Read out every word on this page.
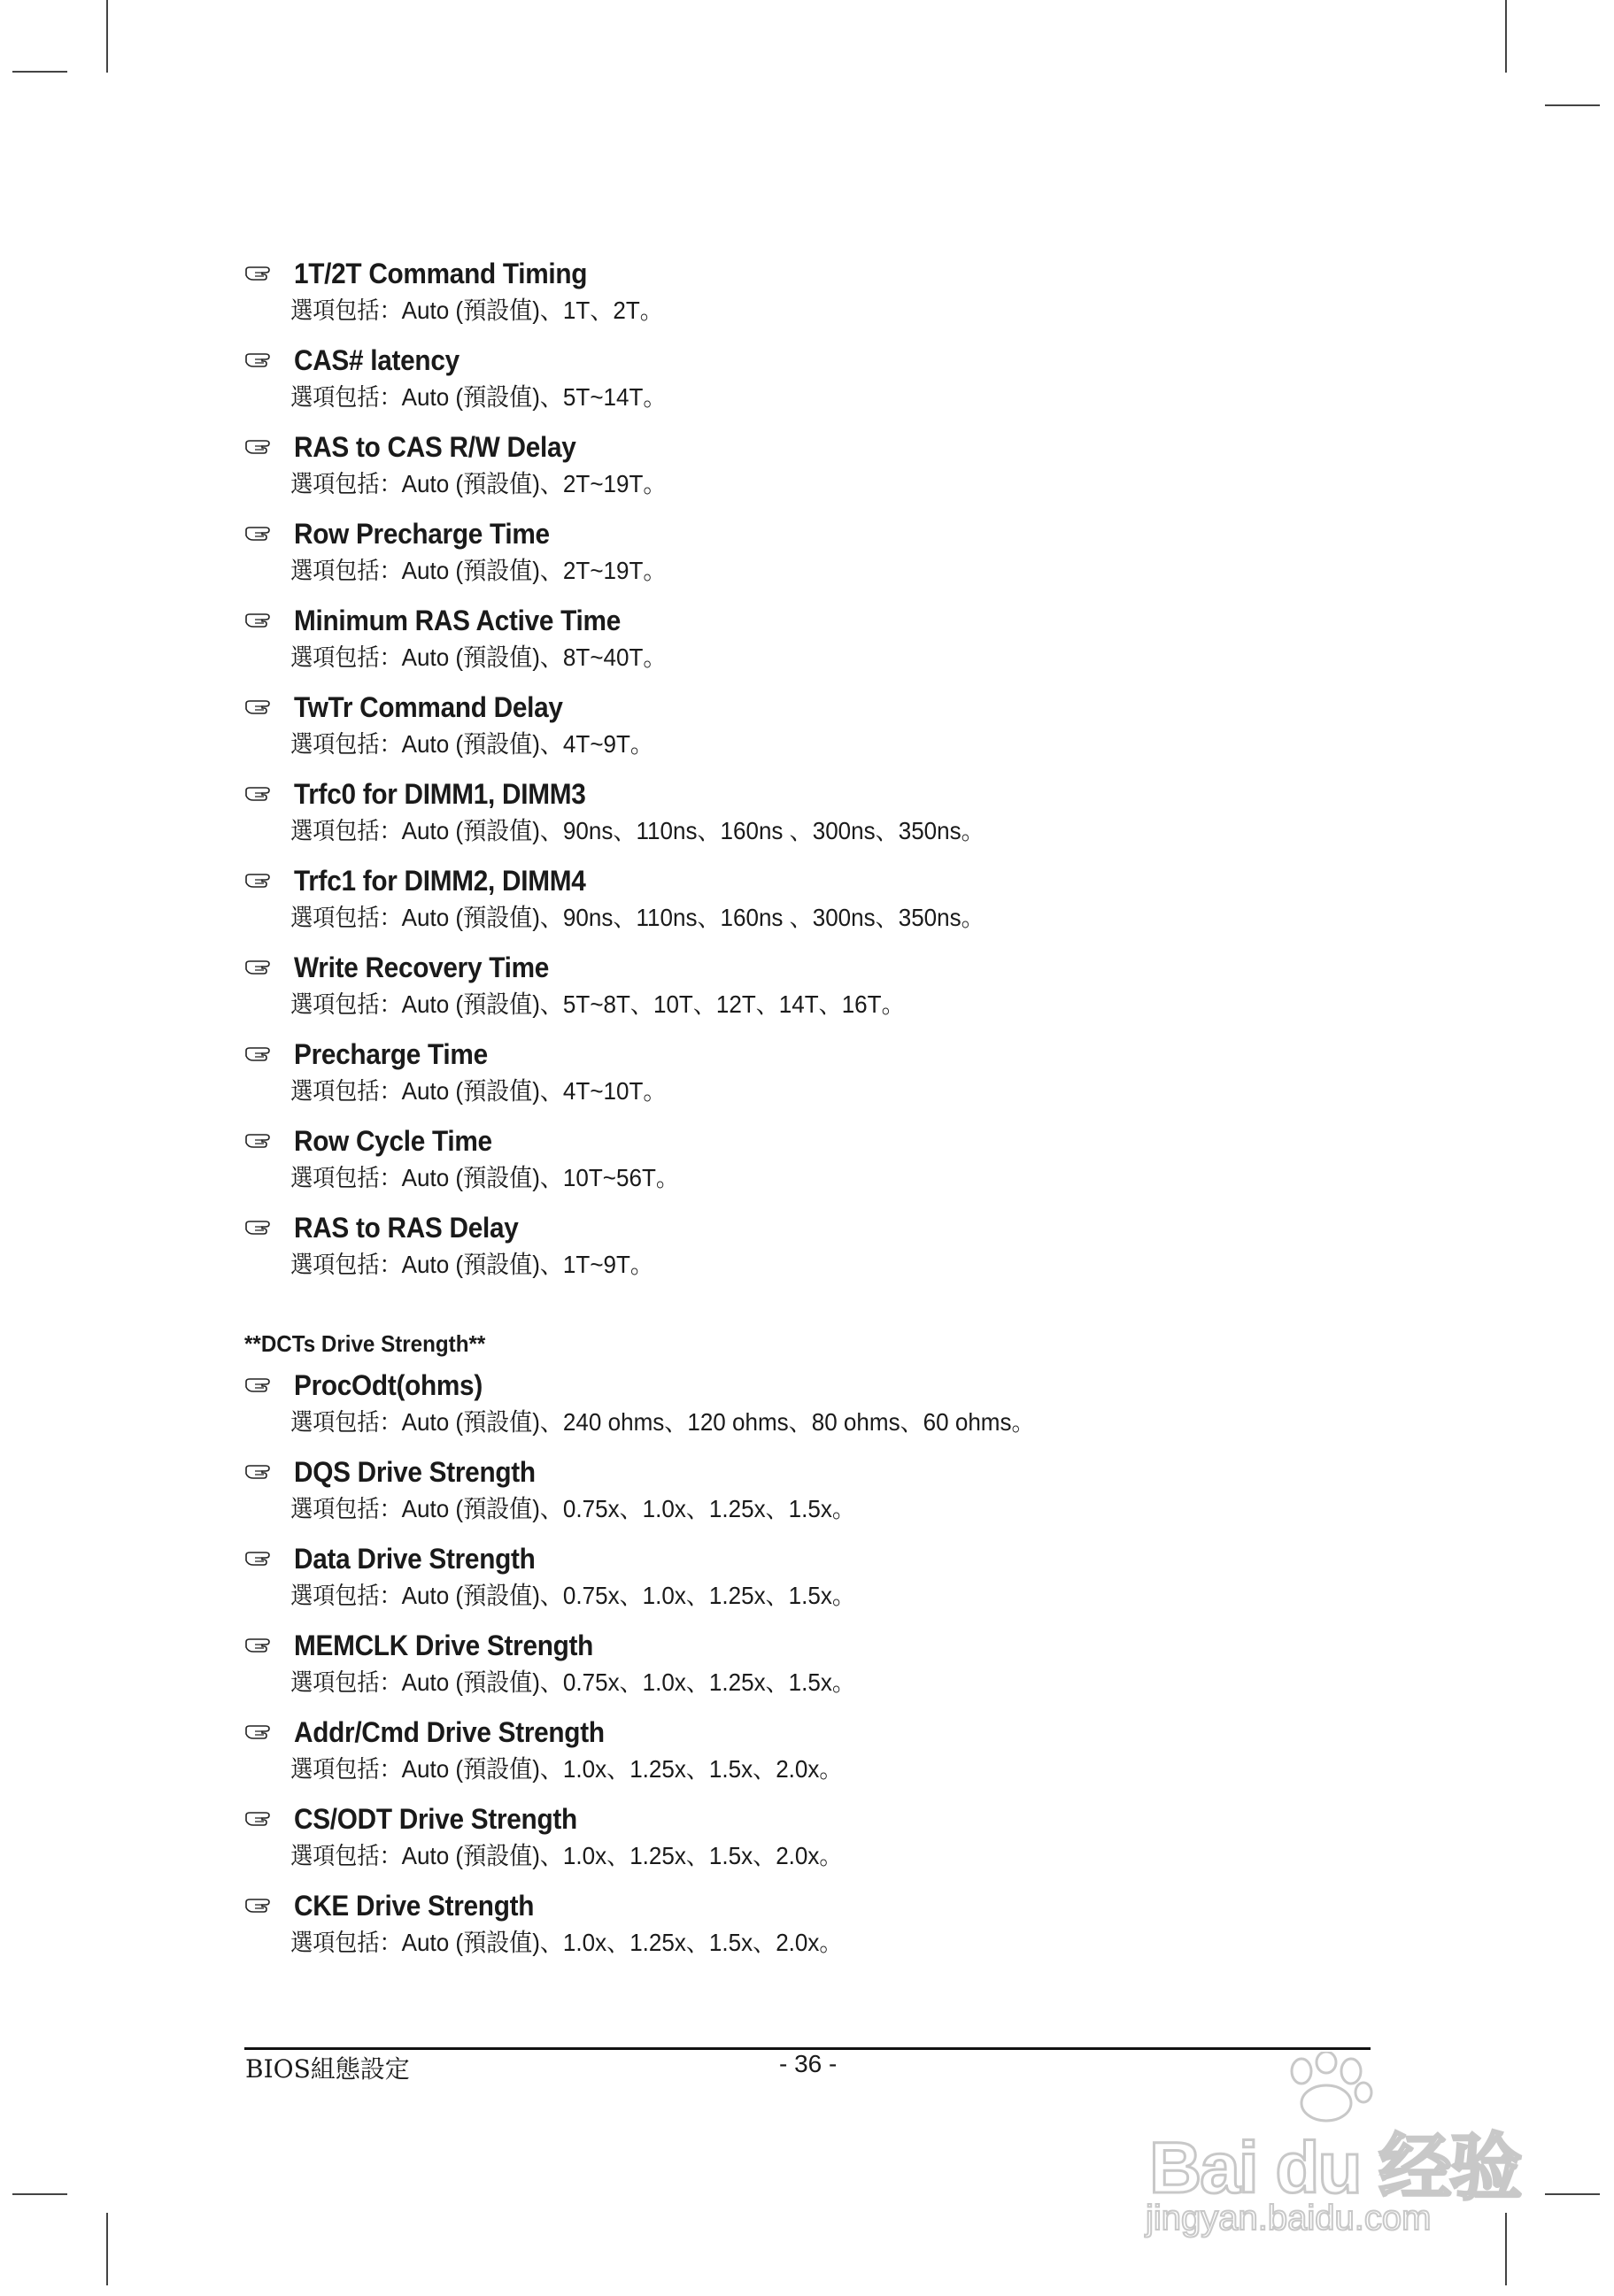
1T/2T Command Timing
選項包括：Auto (預設值)、1T、2T。
CAS# latency
選項包括：Auto (預設值)、5T~14T。
RAS to CAS R/W Delay
選項包括：Auto (預設值)、2T~19T。
Row Precharge Time
選項包括：Auto (預設值)、2T~19T。
Minimum RAS Active Time
選項包括：Auto (預設值)、8T~40T。
TwTr Command Delay
選項包括：Auto (預設值)、4T~9T。
Trfc0 for DIMM1, DIMM3
選項包括：Auto (預設值)、90ns、110ns、160ns 、300ns、350ns。
Trfc1 for DIMM2, DIMM4
選項包括：Auto (預設值)、90ns、110ns、160ns 、300ns、350ns。
Write Recovery Time
選項包括：Auto (預設值)、5T~8T、10T、12T、14T、16T。
Precharge Time
選項包括：Auto (預設值)、4T~10T。
Row Cycle Time
選項包括：Auto (預設值)、10T~56T。
RAS to RAS Delay
選項包括：Auto (預設值)、1T~9T。
**DCTs Drive Strength**
ProcOdt(ohms)
選項包括：Auto (預設值)、240 ohms、120 ohms、80 ohms、60 ohms。
DQS Drive Strength
選項包括：Auto (預設值)、0.75x、1.0x、1.25x、1.5x。
Data Drive Strength
選項包括：Auto (預設值)、0.75x、1.0x、1.25x、1.5x。
MEMCLK Drive Strength
選項包括：Auto (預設值)、0.75x、1.0x、1.25x、1.5x。
Addr/Cmd Drive Strength
選項包括：Auto (預設值)、1.0x、1.25x、1.5x、2.0x。
CS/ODT Drive Strength
選項包括：Auto (預設值)、1.0x、1.25x、1.5x、2.0x。
CKE Drive Strength
選項包括：Auto (預設值)、1.0x、1.25x、1.5x、2.0x。
BIOS組態設定	- 36 -
Bai du 经验
jingyan.baidu.com
